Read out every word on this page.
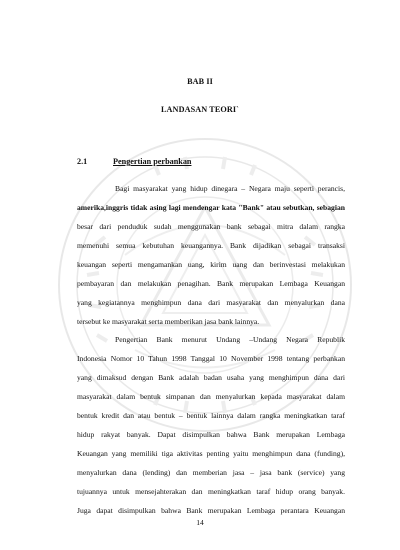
BAB II
LANDASAN TEORI`
2.1	Pengertian perbankan
Bagi masyarakat yang hidup dinegara – Negara maju seperti perancis,
amerika,inggris tidak asing lagi mendengar kata "Bank" atau sebutkan, sebagian
besar dari penduduk sudah menggunakan bank sebagai mitra dalam rangka
memenuhi semua kebutuhan keuangannya. Bank dijadikan sebagai transaksi
keuangan seperti mengamankan uang, kirim uang dan berinvestasi melakukan
pembayaran dan melakukan penagihan. Bank merupakan Lembaga Keuangan
yang kegiatannya menghimpun dana dari masyarakat dan menyalurkan dana
tersebut ke masyarakat serta memberikan jasa bank lainnya.
Pengertian Bank menurut Undang –Undang Negara Republik
Indonesia Nomor 10 Tahun 1998 Tanggal 10 November 1998 tentang perbankan
yang dimaksud dengan Bank adalah badan usaha yang menghimpun dana dari
masyarakat dalam bentuk simpanan dan menyalurkan kepada masyarakat dalam
bentuk kredit dan atau bentuk – bentuk lainnya dalam rangka meningkatkan taraf
hidup rakyat banyak. Dapat disimpulkan bahwa Bank merupakan Lembaga
Keuangan yang memiliki tiga aktivitas penting yaitu menghimpun dana (funding),
menyalurkan dana (lending) dan memberian jasa – jasa bank (service) yang
tujuannya untuk mensejahterakan dan meningkatkan taraf hidup orang banyak.
Juga dapat disimpulkan bahwa Bank merupakan Lembaga perantara Keuangan
14
